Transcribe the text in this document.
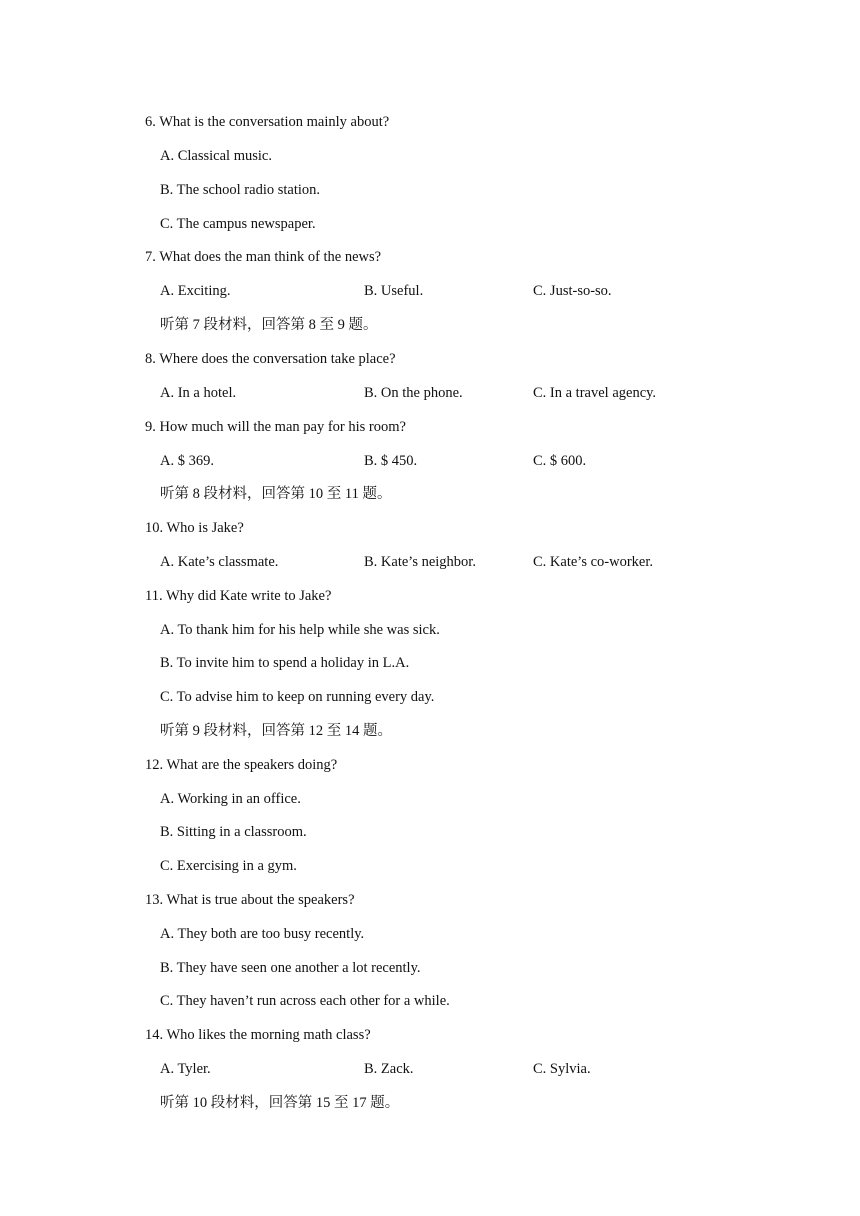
6. What is the conversation mainly about?
A. Classical music.
B. The school radio station.
C. The campus newspaper.
7. What does the man think of the news?
A. Exciting.	B. Useful.	C. Just-so-so.
听第 7 段材料，回答第 8 至 9 题。
8. Where does the conversation take place?
A. In a hotel.	B. On the phone.	C. In a travel agency.
9. How much will the man pay for his room?
A. $ 369.	B. $ 450.	C. $ 600.
听第 8 段材料，回答第 10 至 11 题。
10. Who is Jake?
A. Kate’s classmate.	B. Kate’s neighbor.	C. Kate’s co-worker.
11. Why did Kate write to Jake?
A. To thank him for his help while she was sick.
B. To invite him to spend a holiday in L.A.
C. To advise him to keep on running every day.
听第 9 段材料，回答第 12 至 14 题。
12. What are the speakers doing?
A. Working in an office.
B. Sitting in a classroom.
C. Exercising in a gym.
13. What is true about the speakers?
A. They both are too busy recently.
B. They have seen one another a lot recently.
C. They haven’t run across each other for a while.
14. Who likes the morning math class?
A. Tyler.	B. Zack.	C. Sylvia.
听第 10 段材料，回答第 15 至 17 题。
